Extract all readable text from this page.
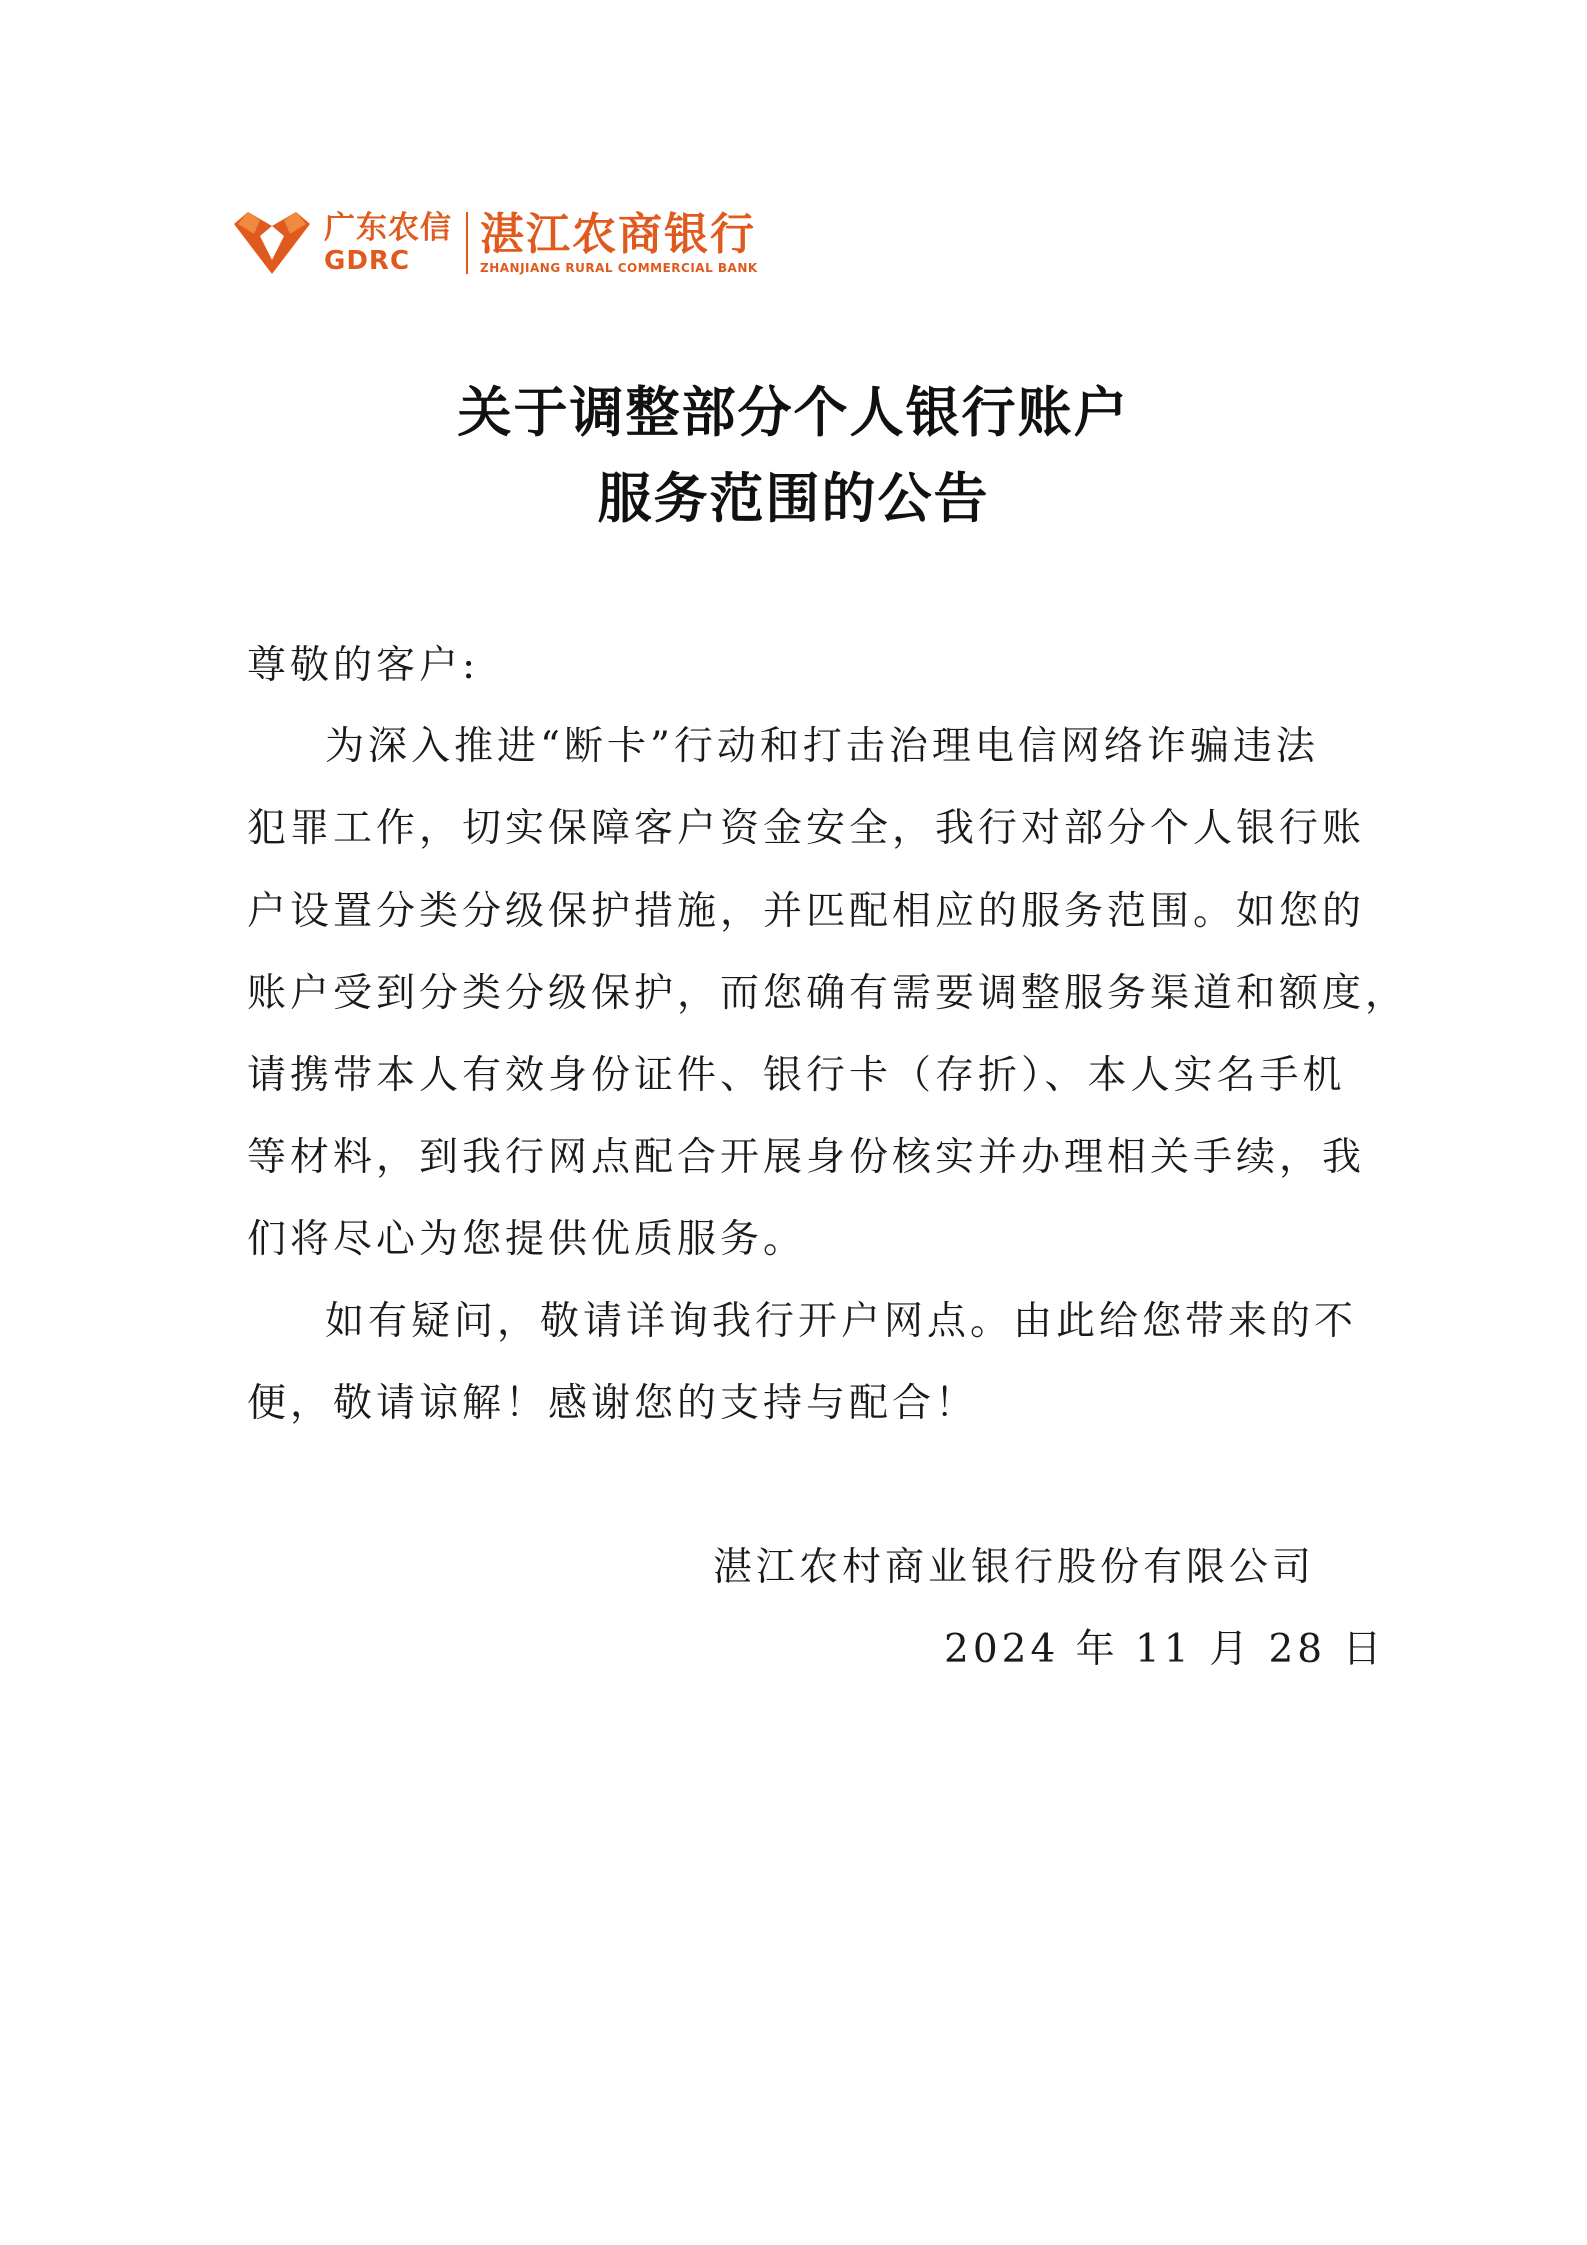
广东农信
GDRC
湛江农商银行
ZHANJIANG RURAL COMMERCIAL BANK
关于调整部分个人银行账户
服务范围的公告
尊敬的客户:
为深入推进“断卡”行动和打击治理电信网络诈骗违法
犯罪工作，切实保障客户资金安全，我行对部分个人银行账
户设置分类分级保护措施，并匹配相应的服务范围。如您的
账户受到分类分级保护，而您确有需要调整服务渠道和额度，
请携带本人有效身份证件、银行卡（存折）、本人实名手机
等材料，到我行网点配合开展身份核实并办理相关手续，我
们将尽心为您提供优质服务。
如有疑问，敬请详询我行开户网点。由此给您带来的不
便，敬请谅解！感谢您的支持与配合！
湛江农村商业银行股份有限公司
2024 年 11 月 28 日
